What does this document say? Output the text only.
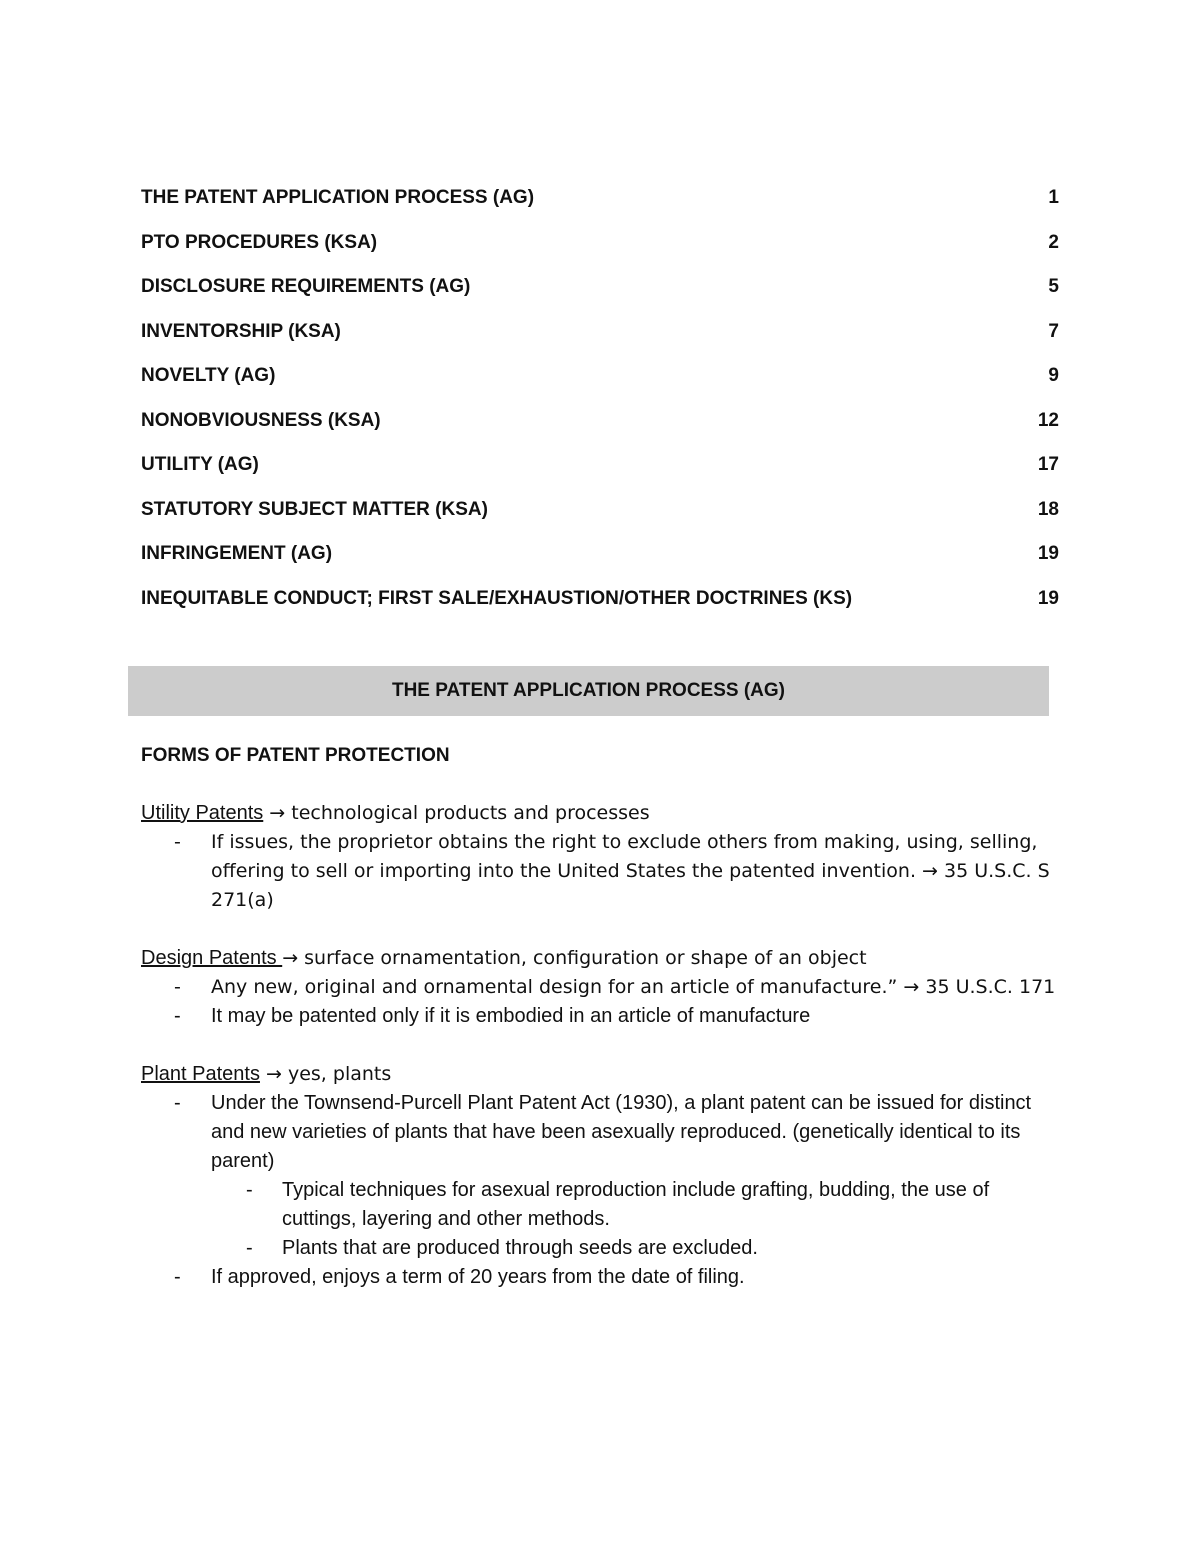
THE PATENT APPLICATION PROCESS (AG)	1
PTO PROCEDURES (KSA)	2
DISCLOSURE REQUIREMENTS (AG)	5
INVENTORSHIP (KSA)	7
NOVELTY (AG)	9
NONOBVIOUSNESS (KSA)	12
UTILITY (AG)	17
STATUTORY SUBJECT MATTER (KSA)	18
INFRINGEMENT (AG)	19
INEQUITABLE CONDUCT; FIRST SALE/EXHAUSTION/OTHER DOCTRINES (KS)	19
THE PATENT APPLICATION PROCESS (AG)
FORMS OF PATENT PROTECTION

Utility Patents → technological products and processes

- If issues, the proprietor obtains the right to exclude others from making, using, selling, offering to sell or importing into the United States the patented invention. → 35 U.S.C. S 271(a)

Design Patents → surface ornamentation, configuration or shape of an object

- Any new, original and ornamental design for an article of manufacture.” → 35 U.S.C. 171
- It may be patented only if it is embodied in an article of manufacture

Plant Patents → yes, plants

- Under the Townsend-Purcell Plant Patent Act (1930), a plant patent can be issued for distinct and new varieties of plants that have been asexually reproduced. (genetically identical to its parent)
- Typical techniques for asexual reproduction include grafting, budding, the use of cuttings, layering and other methods.
- Plants that are produced through seeds are excluded.
- If approved, enjoys a term of 20 years from the date of filing.
